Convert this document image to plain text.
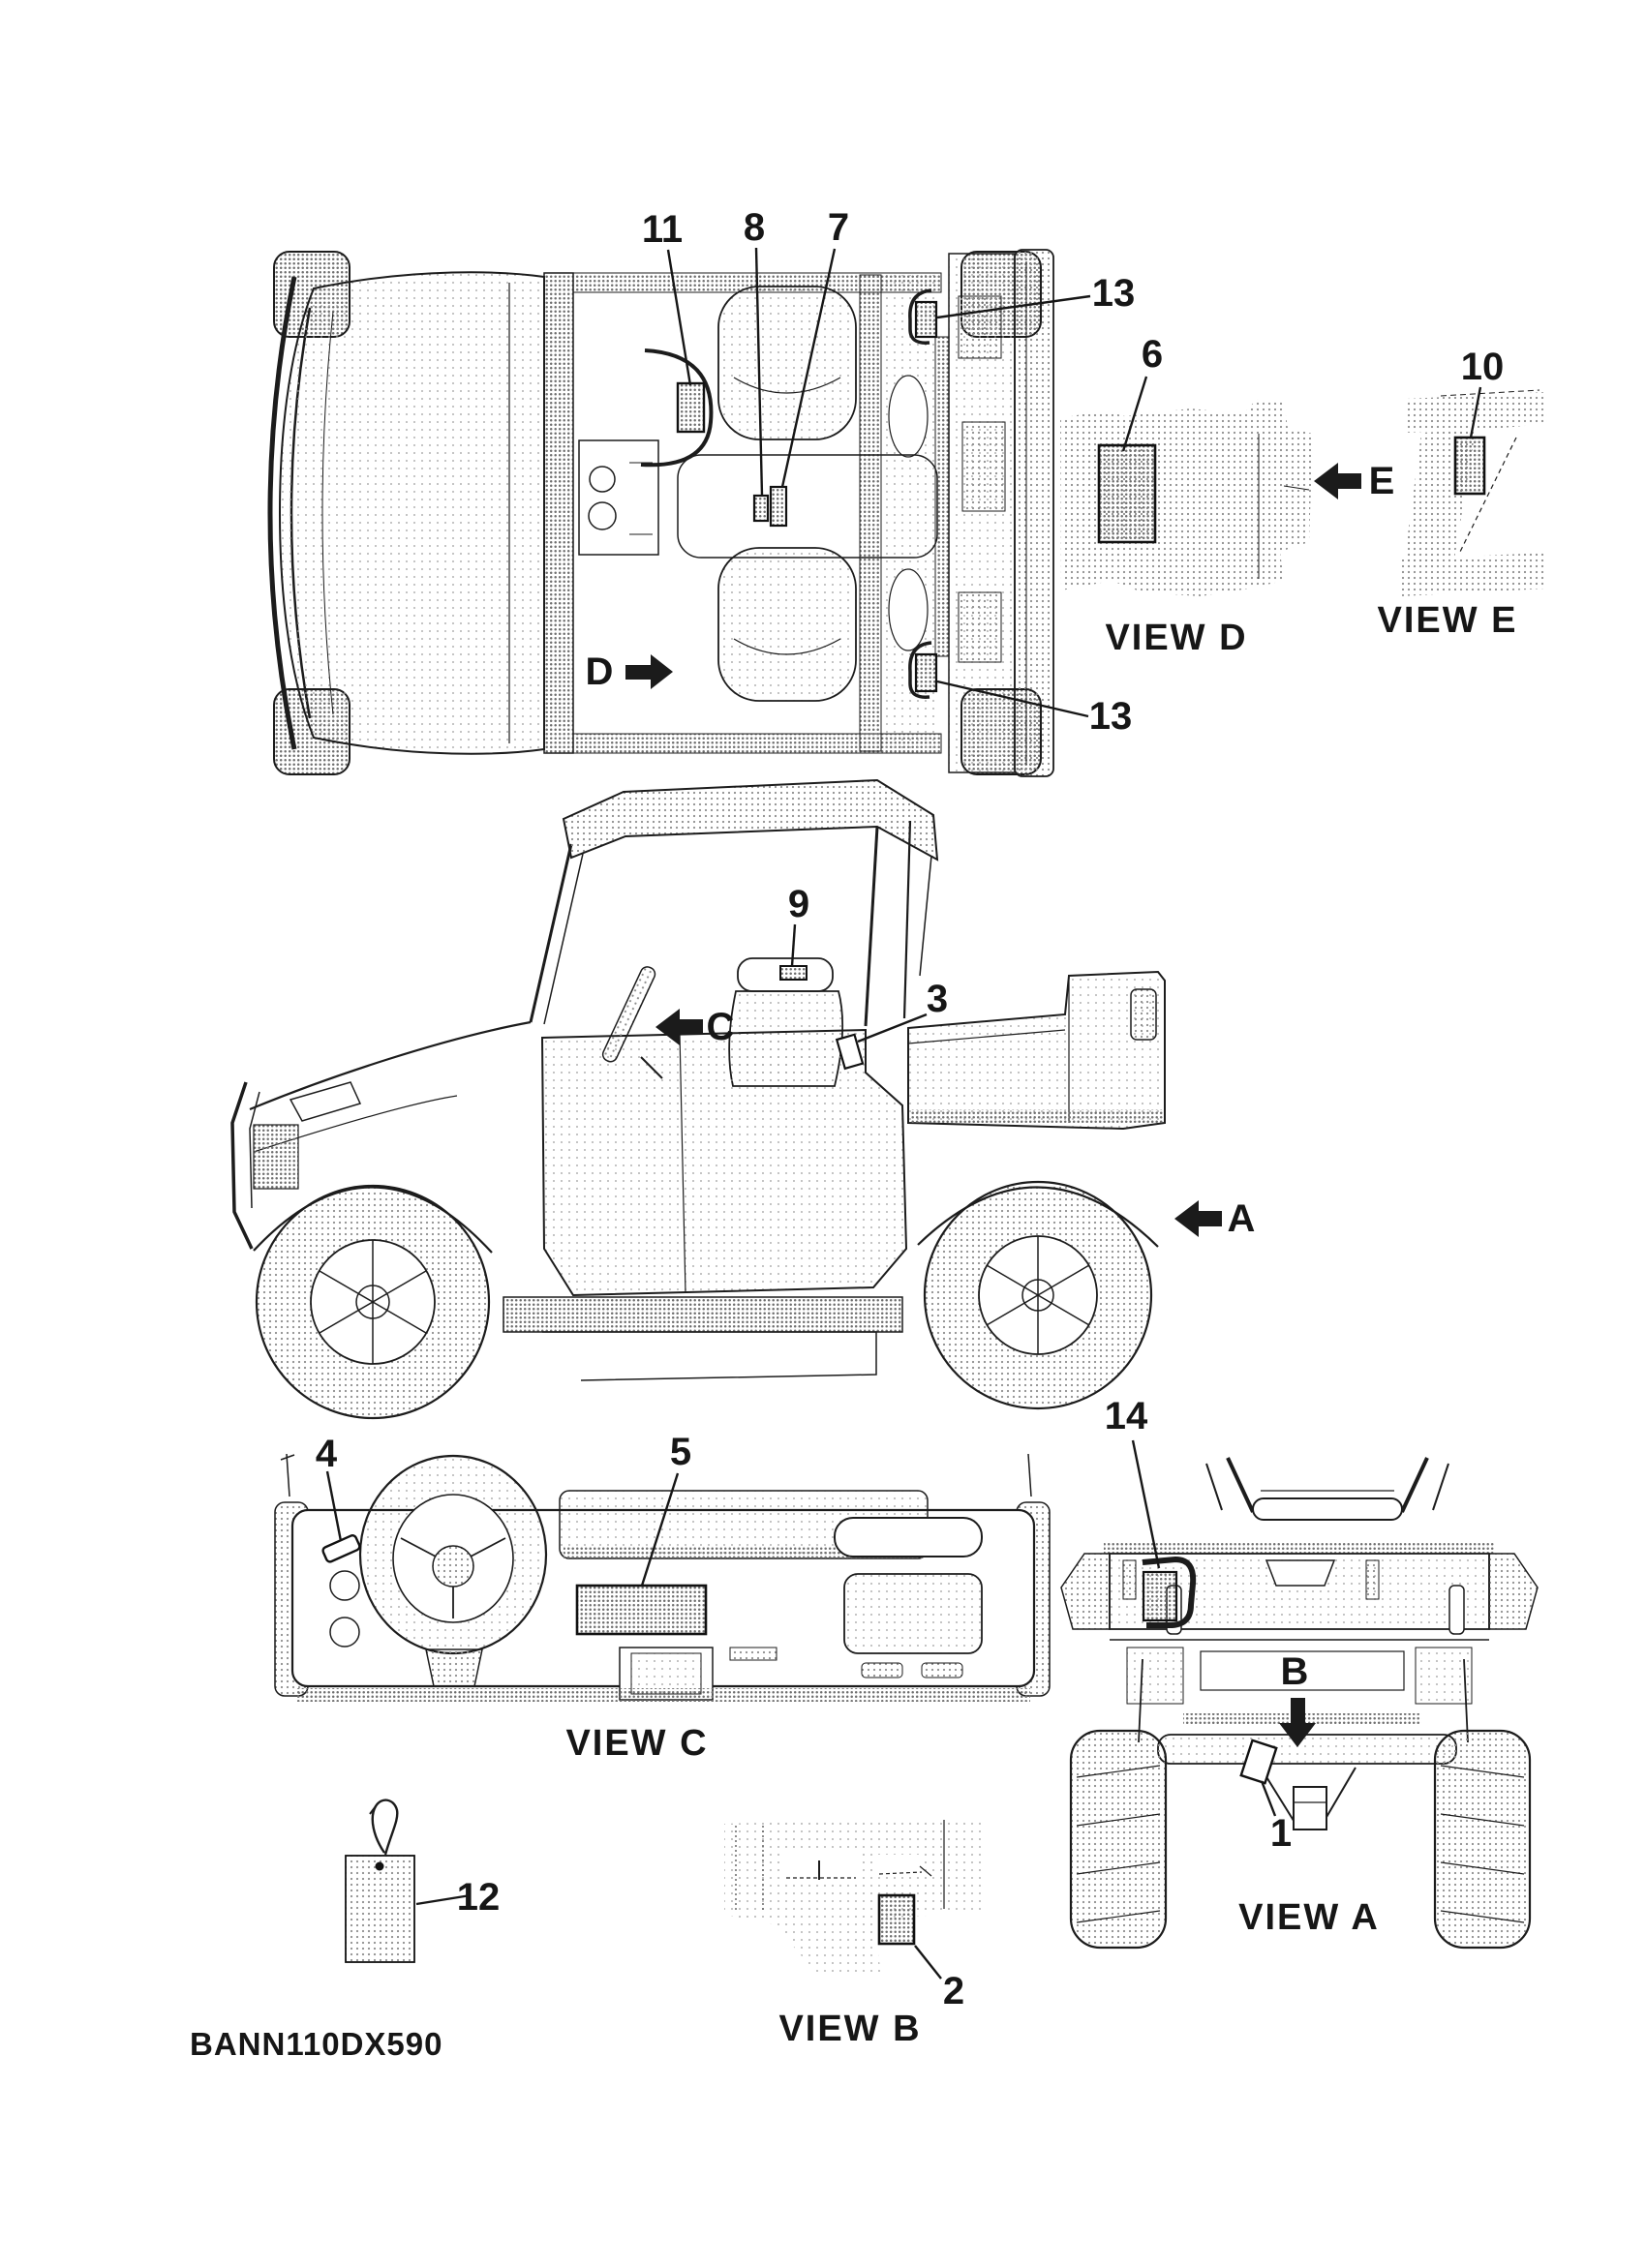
11 8 7
13
13
6	10
9
3
4	5
14
1
12
2
D
E
C
A
B
VIEW D	VIEW E
VIEW C
VIEW A
VIEW B
BANN110DX590
